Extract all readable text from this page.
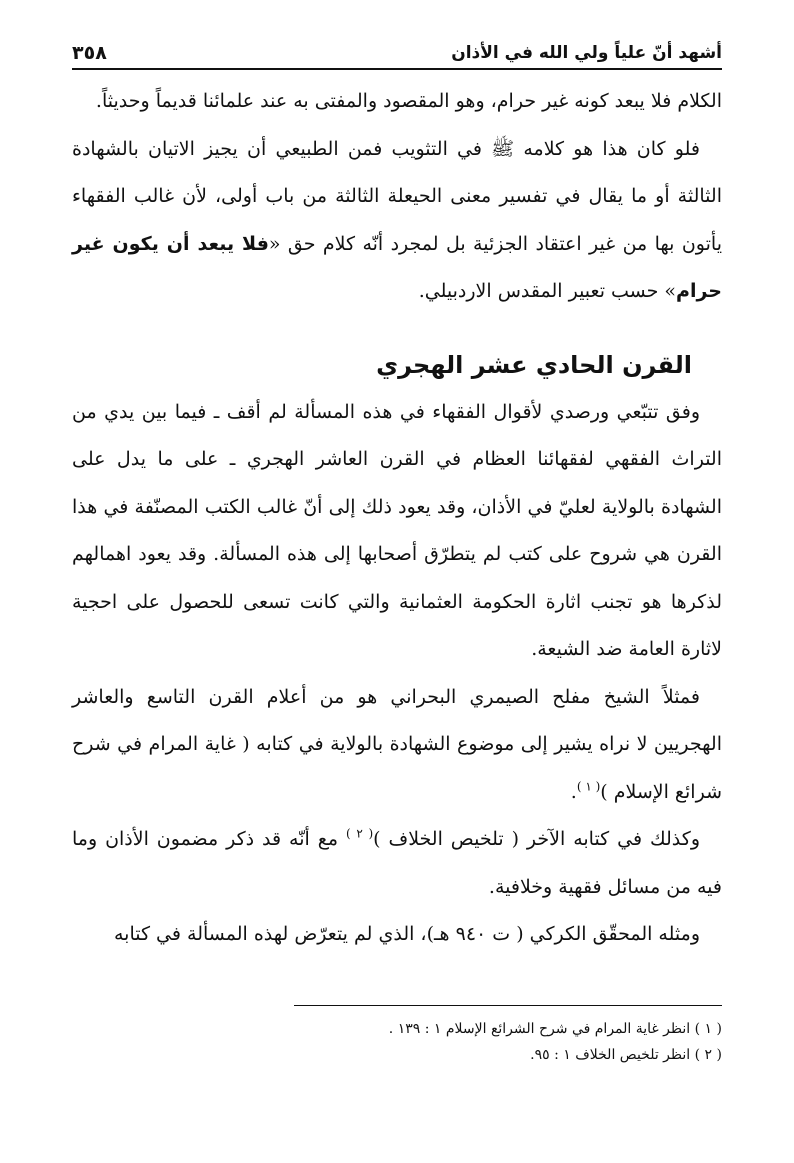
أشهد أنّ علياً ولي الله في الأذان
٣٥٨

الكلام فلا يبعد كونه غير حرام، وهو المقصود والمفتى به عند علمائنا قديماً وحديثاً.

فلو كان هذا هو كلامه ﷺ في التثويب فمن الطبيعي أن يجيز الاتيان بالشهادة الثالثة أو ما يقال في تفسير معنى الحيعلة الثالثة من باب أولى، لأن غالب الفقهاء يأتون بها من غير اعتقاد الجزئية بل لمجرد أنّه كلام حق «فلا يبعد أن يكون غير حرام» حسب تعبير المقدس الاردبيلي.

القرن الحادي عشر الهجري

وفق تتبّعي ورصدي لأقوال الفقهاء في هذه المسألة لم أقف ـ فيما بين يدي من التراث الفقهي لفقهائنا العظام في القرن العاشر الهجري ـ على ما يدل على الشهادة بالولاية لعليّ في الأذان، وقد يعود ذلك إلى أنّ غالب الكتب المصنّفة في هذا القرن هي شروح على كتب لم يتطرّق أصحابها إلى هذه المسألة. وقد يعود اهمالهم لذكرها هو تجنب اثارة الحكومة العثمانية والتي كانت تسعى للحصول على احجية لاثارة العامة ضد الشيعة.

فمثلاً الشيخ مفلح الصيمري البحراني هو من أعلام القرن التاسع والعاشر الهجريين لا نراه يشير إلى موضوع الشهادة بالولاية في كتابه ( غاية المرام في شرح شرائع الإسلام )$^{( ١ )}$.

وكذلك في كتابه الآخر ( تلخيص الخلاف )$^{( ٢ )}$ مع أنّه قد ذكر مضمون الأذان وما فيه من مسائل فقهية وخلافية.

ومثله المحقّق الكركي ( ت ٩٤٠ هـ)، الذي لم يتعرّض لهذه المسألة في كتابه

( ١ ) انظر غاية المرام في شرح الشرائع الإسلام ١ : ١٣٩ .
( ٢ ) انظر تلخيص الخلاف ١ : ٩٥.
